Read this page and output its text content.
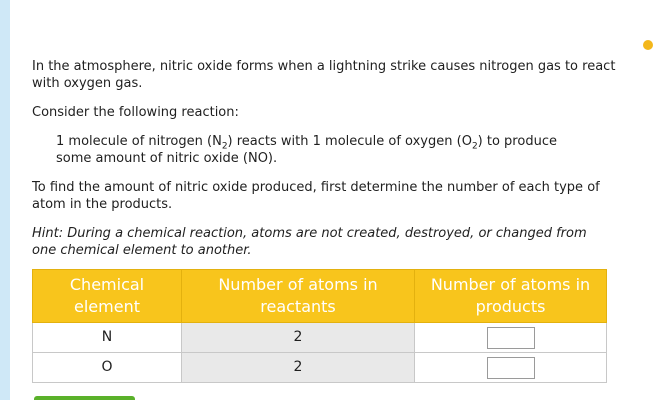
In the atmosphere, nitric oxide forms when a lightning strike causes nitrogen gas to react with oxygen gas.

Consider the following reaction:

1 molecule of nitrogen $(N_2)$ reacts with 1 molecule of oxygen $(O_2)$ to produce some amount of nitric oxide (NO).

To find the amount of nitric oxide produced, first determine the number of each type of atom in the products.

Hint: During a chemical reaction, atoms are not created, destroyed, or changed from one chemical element to another.

Chemical element	Number of atoms in reactants	Number of atoms in products
N	2	
O	2	
